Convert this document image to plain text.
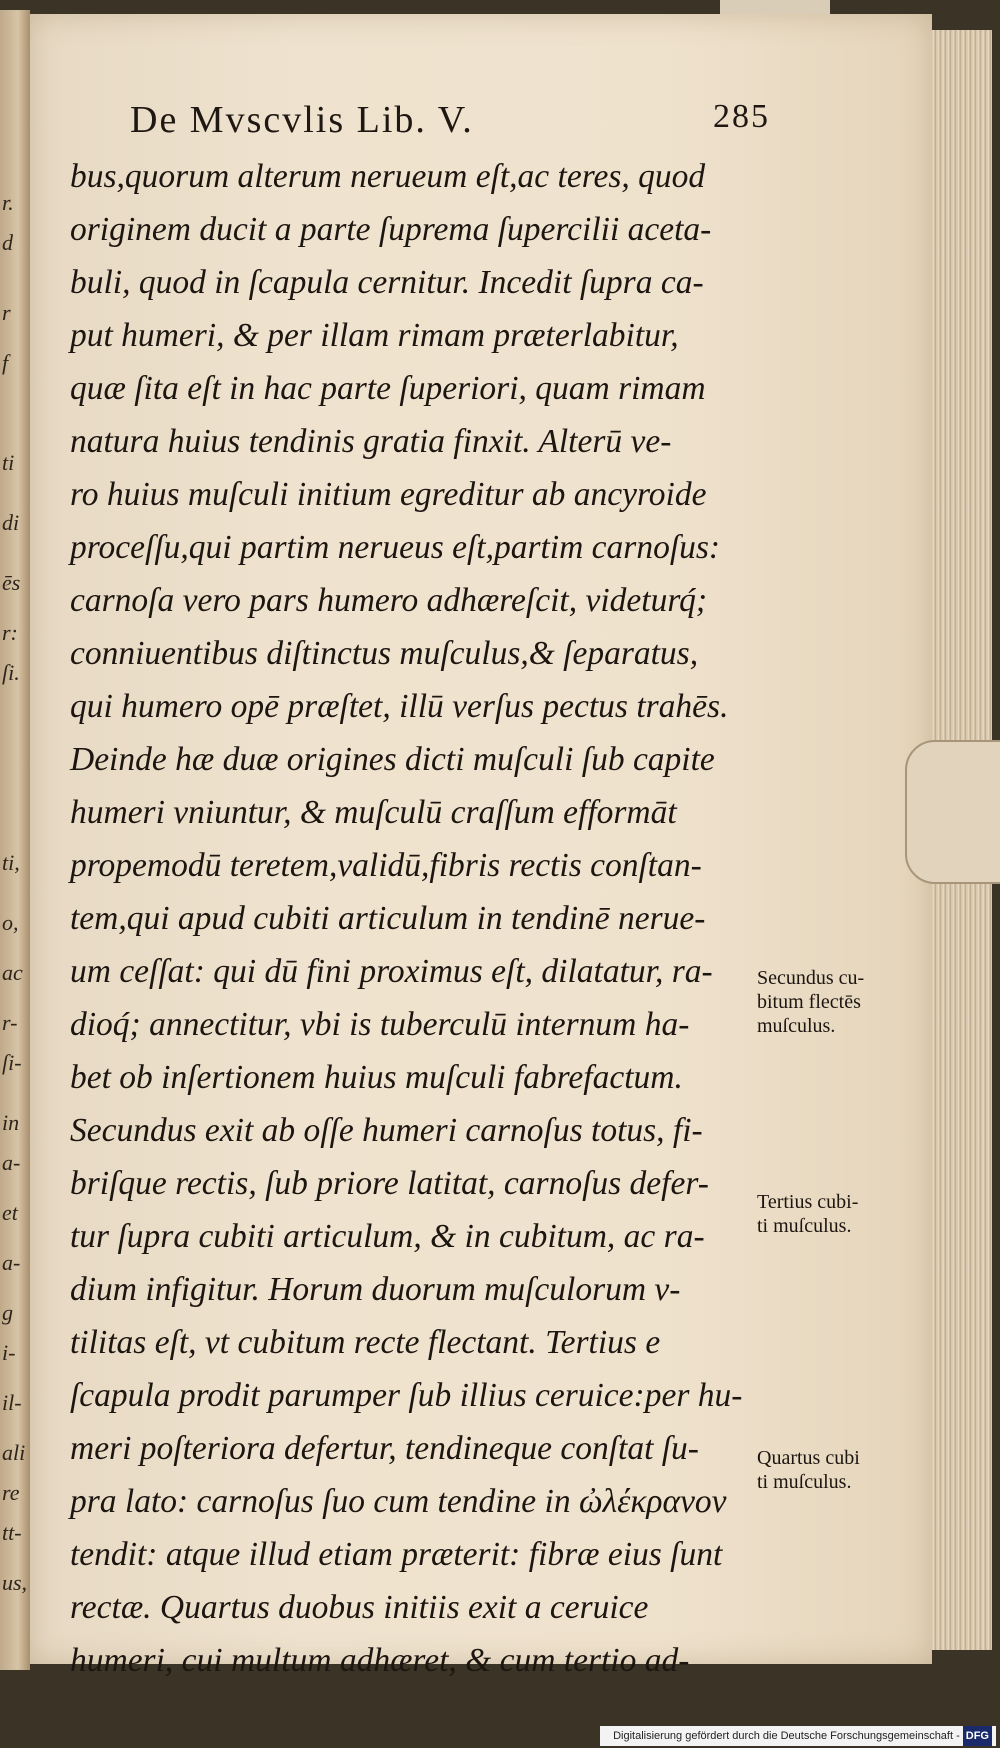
r.
d
r
f
ti
di
ēs
r:
ſi.
ti,
o,
ac
r-
ſi-
in
a-
et
a-
g
i-
il-
ali
re
tt-
us,
De Mvscvlis Lib. V.	285
bus,quorum alterum nerueum eſt,ac teres, quod
originem ducit a parte ſuprema ſupercilii aceta-
buli, quod in ſcapula cernitur. Incedit ſupra ca-
put humeri, & per illam rimam præterlabitur,
quæ ſita eſt in hac parte ſuperiori, quam rimam
natura huius tendinis gratia finxit. Alterū ve-
ro huius muſculi initium egreditur ab ancyroide
proceſſu,qui partim nerueus eſt,partim carnoſus:
carnoſa vero pars humero adhæreſcit, videturq́;
conniuentibus diſtinctus muſculus,& ſeparatus,
qui humero opē præſtet, illū verſus pectus trahēs.
Deinde hæ duæ origines dicti muſculi ſub capite
humeri vniuntur, & muſculū craſſum efformāt
propemodū teretem,validū,fibris rectis conſtan-
tem,qui apud cubiti articulum in tendinē nerue-
um ceſſat: qui dū fini proximus eſt, dilatatur, ra-
dioq́; annectitur, vbi is tuberculū internum ha-
bet ob inſertionem huius muſculi fabrefactum.
Secundus exit ab oſſe humeri carnoſus totus, fi-
briſque rectis, ſub priore latitat, carnoſus defer-
tur ſupra cubiti articulum, & in cubitum, ac ra-
dium infigitur. Horum duorum muſculorum v-
tilitas eſt, vt cubitum recte flectant. Tertius e
ſcapula prodit parumper ſub illius ceruice:per hu-
meri poſteriora defertur, tendineque conſtat ſu-
pra lato: carnoſus ſuo cum tendine in ὠλέκρανον
tendit: atque illud etiam præterit: fibræ eius ſunt
rectæ. Quartus duobus initiis exit a ceruice
humeri, cui multum adhæret, & cum tertio ad-
Secundus cu-
bitum flectēs
muſculus.
Tertius cubi-
ti muſculus.
Quartus cubi
ti muſculus.
Digitalisierung gefördert durch die Deutsche Forschungsgemeinschaft - DFG
